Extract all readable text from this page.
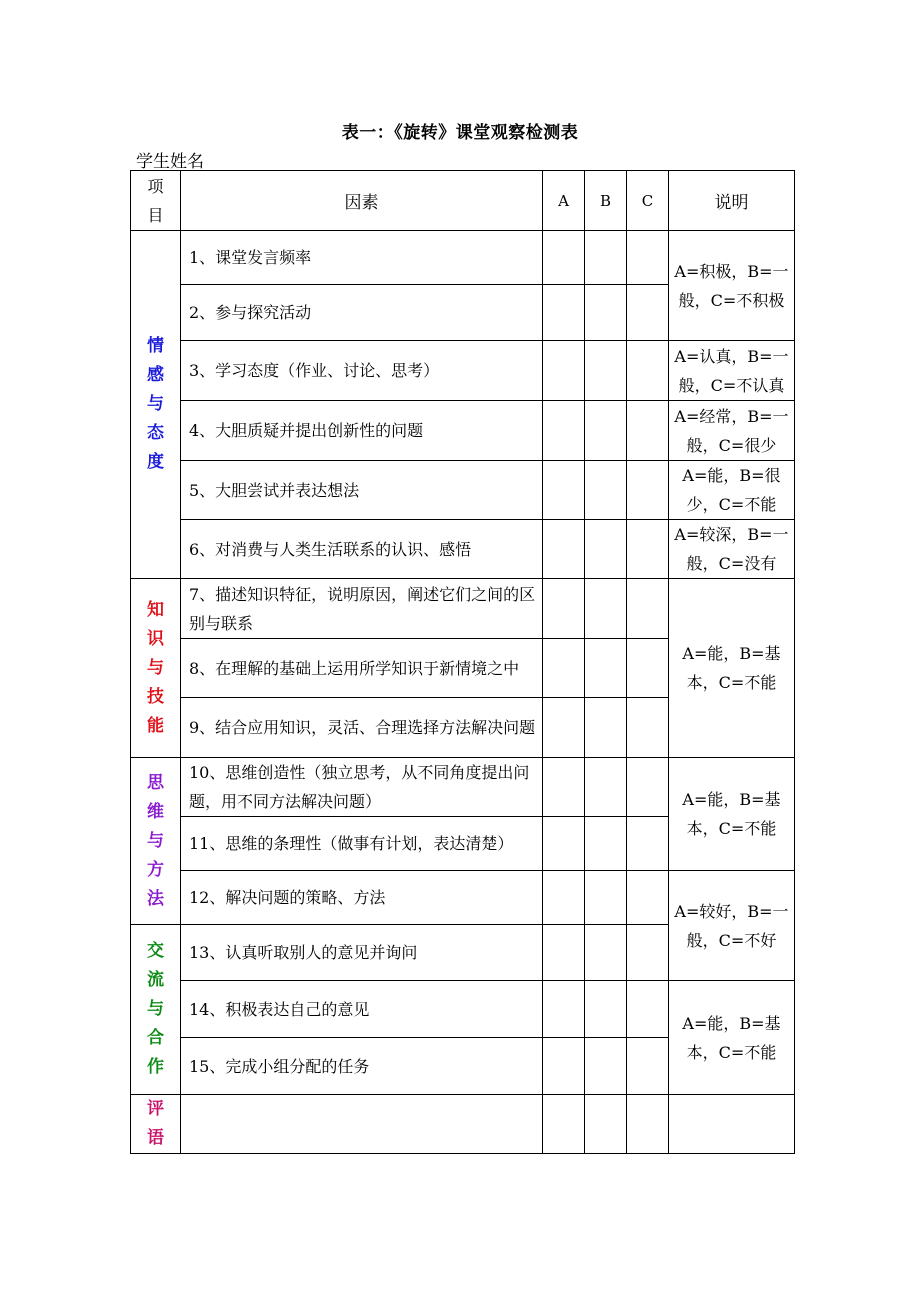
表一：《旋转》课堂观察检测表
学生姓名
项目	因素	A	B	C	说明
情感与态度	1、课堂发言频率				A=积极，B=一般，C=不积极
	2、参与探究活动				
	3、学习态度（作业、讨论、思考）				A=认真，B=一般，C=不认真
	4、大胆质疑并提出创新性的问题				A=经常，B=一般，C=很少
	5、大胆尝试并表达想法				A=能，B=很少，C=不能
	6、对消费与人类生活联系的认识、感悟				A=较深，B=一般，C=没有
知识与技能	7、描述知识特征，说明原因，阐述它们之间的区别与联系				A=能，B=基本，C=不能
	8、在理解的基础上运用所学知识于新情境之中				
	9、结合应用知识，灵活、合理选择方法解决问题				
思维与方法	10、思维创造性（独立思考，从不同角度提出问题，用不同方法解决问题）				A=能，B=基本，C=不能
	11、思维的条理性（做事有计划，表达清楚）				
	12、解决问题的策略、方法				A=较好，B=一般，C=不好
交流与合作	13、认真听取别人的意见并询问				
	14、积极表达自己的意见				A=能，B=基本，C=不能
	15、完成小组分配的任务				
评语					
